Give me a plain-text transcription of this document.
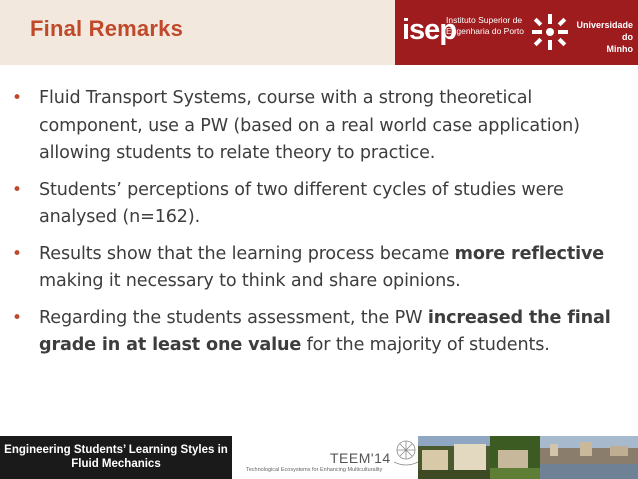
Final Remarks	isep
Instituto Superior de
Engenharia do Porto
Universidade do
Minho
• Fluid Transport Systems, course with a strong theoretical component, use a PW (based on a real world case application) allowing students to relate theory to practice.
• Students’ perceptions of two different cycles of studies were analysed (n=162).
• Results show that the learning process became more reflective making it necessary to think and share opinions.
• Regarding the students assessment, the PW increased the final grade in at least one value for the majority of students.
Engineering Students’ Learning Styles in
Fluid Mechanics	TEEM'14
Technological Ecosystems for Enhancing Multiculturality
